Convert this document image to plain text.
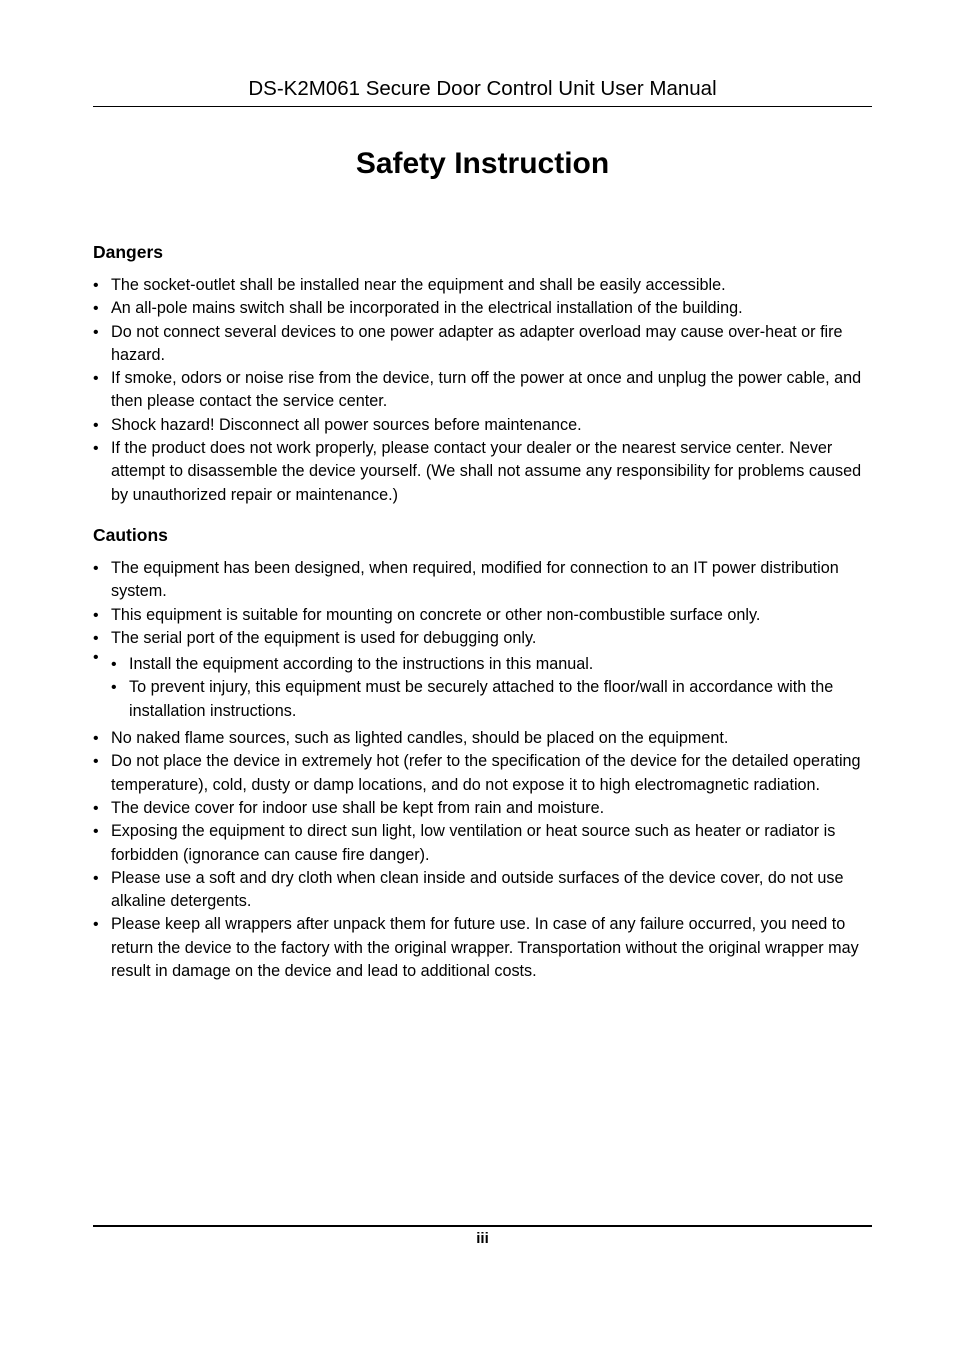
DS-K2M061 Secure Door Control Unit User Manual
Safety Instruction
Dangers
• The socket-outlet shall be installed near the equipment and shall be easily accessible.
• An all-pole mains switch shall be incorporated in the electrical installation of the building.
• Do not connect several devices to one power adapter as adapter overload may cause over-heat or fire hazard.
• If smoke, odors or noise rise from the device, turn off the power at once and unplug the power cable, and then please contact the service center.
• Shock hazard! Disconnect all power sources before maintenance.
• If the product does not work properly, please contact your dealer or the nearest service center. Never attempt to disassemble the device yourself. (We shall not assume any responsibility for problems caused by unauthorized repair or maintenance.)
Cautions
• The equipment has been designed, when required, modified for connection to an IT power distribution system.
• This equipment is suitable for mounting on concrete or other non-combustible surface only.
• The serial port of the equipment is used for debugging only.
• • Install the equipment according to the instructions in this manual.
• To prevent injury, this equipment must be securely attached to the floor/wall in accordance with the installation instructions.
• No naked flame sources, such as lighted candles, should be placed on the equipment.
• Do not place the device in extremely hot (refer to the specification of the device for the detailed operating temperature), cold, dusty or damp locations, and do not expose it to high electromagnetic radiation.
• The device cover for indoor use shall be kept from rain and moisture.
• Exposing the equipment to direct sun light, low ventilation or heat source such as heater or radiator is forbidden (ignorance can cause fire danger).
• Please use a soft and dry cloth when clean inside and outside surfaces of the device cover, do not use alkaline detergents.
• Please keep all wrappers after unpack them for future use. In case of any failure occurred, you need to return the device to the factory with the original wrapper. Transportation without the original wrapper may result in damage on the device and lead to additional costs.
iii
